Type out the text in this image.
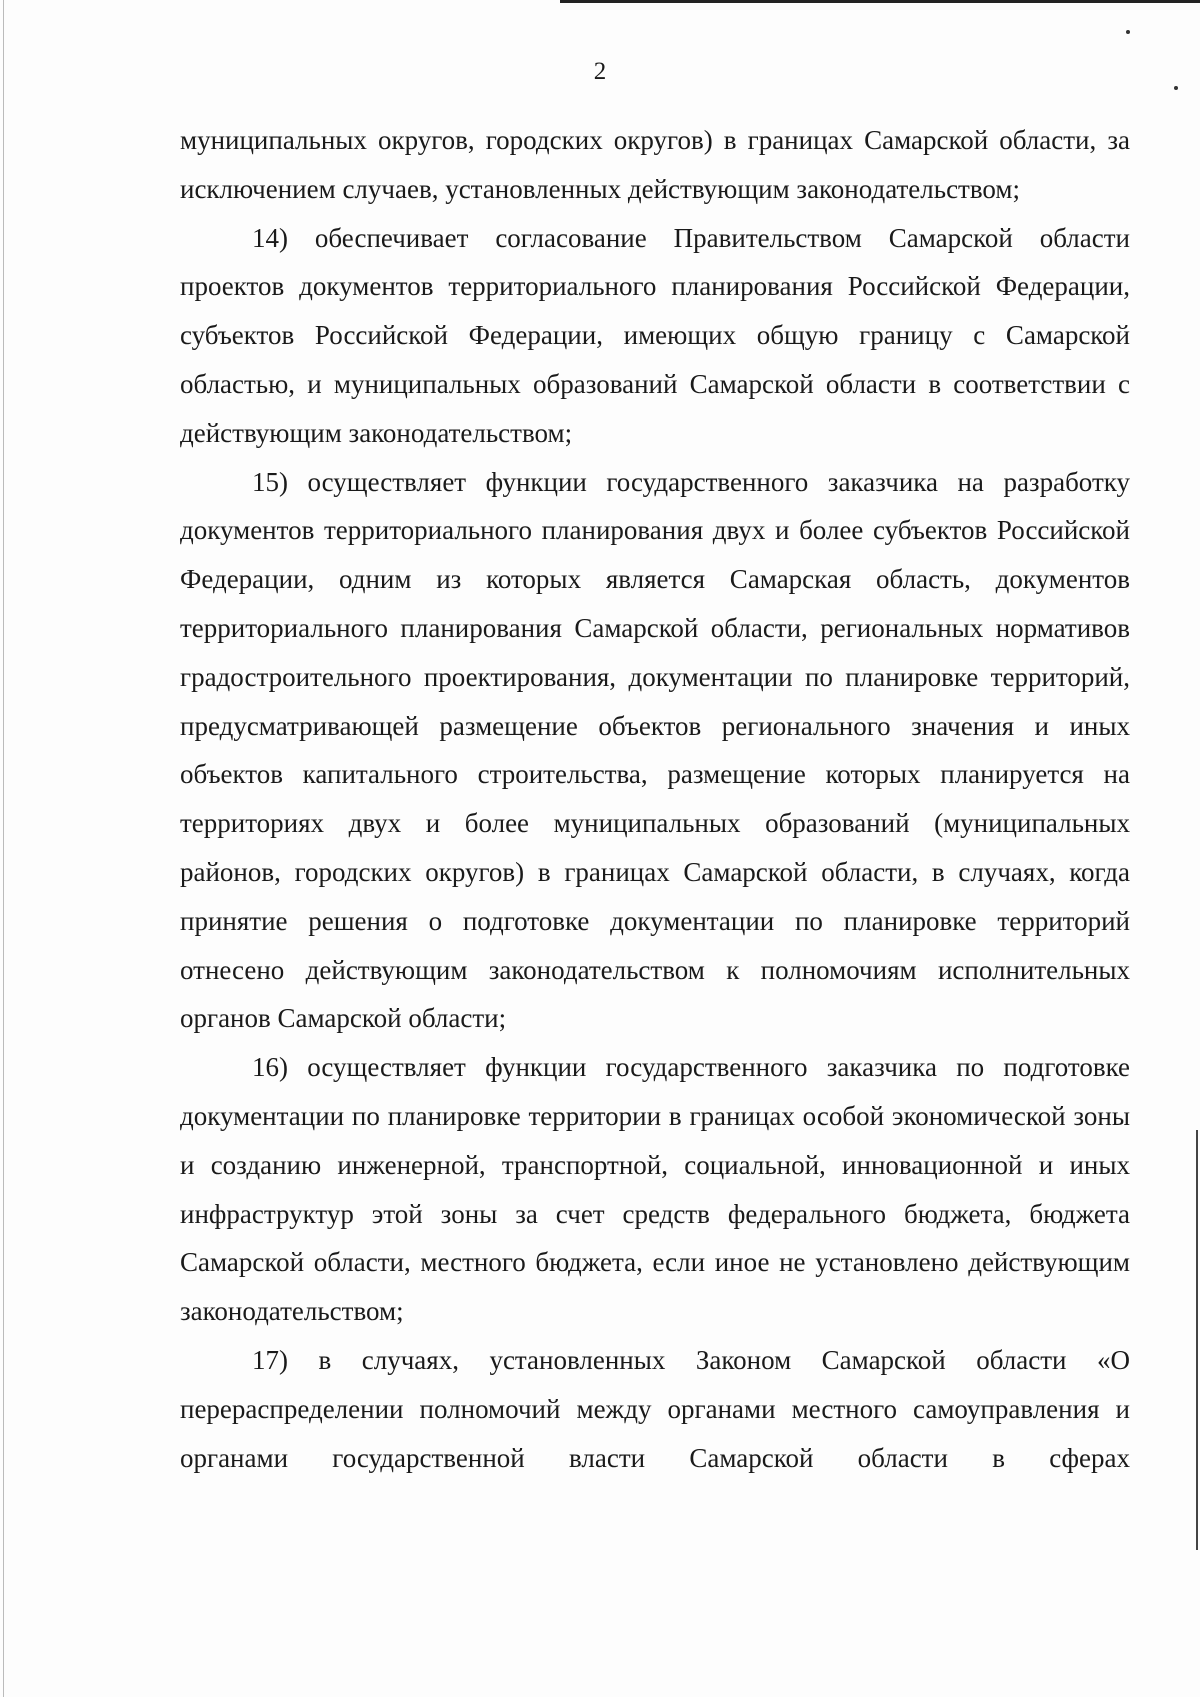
2

муниципальных округов, городских округов) в границах Самарской области, за исключением случаев, установленных действующим законодательством;

14) обеспечивает согласование Правительством Самарской области проектов документов территориального планирования Российской Федерации, субъектов Российской Федерации, имеющих общую границу с Самарской областью, и муниципальных образований Самарской области в соответствии с действующим законодательством;

15) осуществляет функции государственного заказчика на разработку документов территориального планирования двух и более субъектов Российской Федерации, одним из которых является Самарская область, документов территориального планирования Самарской области, региональных нормативов градостроительного проектирования, документации по планировке территорий, предусматривающей размещение объектов регионального значения и иных объектов капитального строительства, размещение которых планируется на территориях двух и более муниципальных образований (муниципальных районов, городских округов) в границах Самарской области, в случаях, когда принятие решения о подготовке документации по планировке территорий отнесено действующим законодательством к полномочиям исполнительных органов Самарской области;

16) осуществляет функции государственного заказчика по подготовке документации по планировке территории в границах особой экономической зоны и созданию инженерной, транспортной, социальной, инновационной и иных инфраструктур этой зоны за счет средств федерального бюджета, бюджета Самарской области, местного бюджета, если иное не установлено действующим законодательством;

17) в случаях, установленных Законом Самарской области «О перераспределении полномочий между органами местного самоуправления и органами государственной власти Самарской области в сферах
